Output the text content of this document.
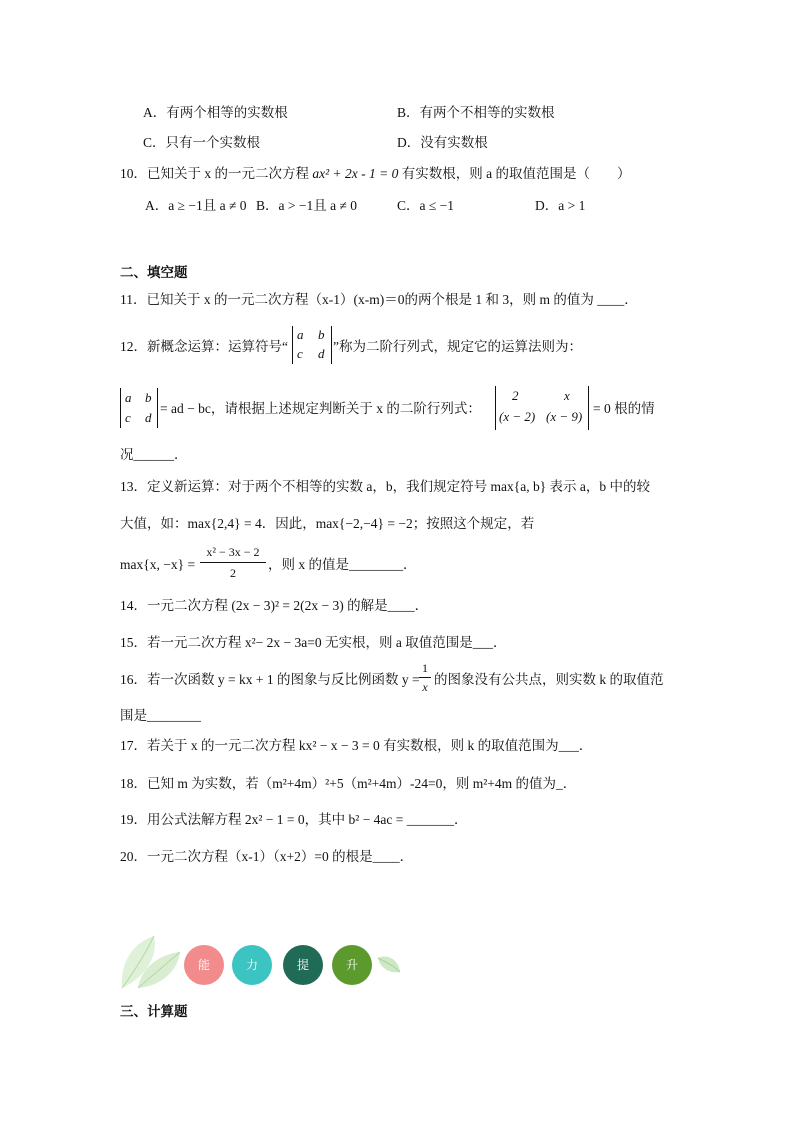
A．有两个相等的实数根	B．有两个不相等的实数根
C．只有一个实数根	D．没有实数根
10．已知关于 x 的一元二次方程 ax² + 2x - 1 = 0 有实数根，则 a 的取值范围是（　　）
A．a ≥ −1且 a ≠ 0 B．a > −1且 a ≠ 0	C．a ≤ −1	D．a > 1
二、填空题
11．已知关于 x 的一元二次方程（x-1）(x-m)＝0的两个根是 1 和 3，则 m 的值为 ____．
12．新概念运算：运算符号“
a b
c d ”称为二阶行列式，规定它的运算法则为：
a b
c d
= ad − bc，请根据上述规定判断关于 x 的二阶行列式：
2	x
(x − 2) (x − 9)
= 0 根的情
况______．
13．定义新运算：对于两个不相等的实数 a，b，我们规定符号 max{a, b} 表示 a，b 中的较
大值，如：max{2,4} = 4．因此，max{−2,−4} = −2；按照这个规定，若
max{x, −x} =
x² − 3x − 2
2
，则 x 的值是________．
14．一元二次方程 (2x − 3)² = 2(2x − 3) 的解是____．
15．若一元二次方程 x²− 2x − 3a=0 无实根，则 a 取值范围是___．
16．若一次函数 y = kx + 1 的图象与反比例函数 y =
1
x 的图象没有公共点，则实数 k 的取值范
围是________
17．若关于 x 的一元二次方程 kx² − x − 3 = 0 有实数根，则 k 的取值范围为___．
18．已知 m 为实数，若（m²+4m）²+5（m²+4m）-24=0，则 m²+4m 的值为_．
19．用公式法解方程 2x² − 1 = 0，其中 b² − 4ac = _______．
20．一元二次方程（x-1）（x+2）=0 的根是____．
能	力	提	升
三、计算题
